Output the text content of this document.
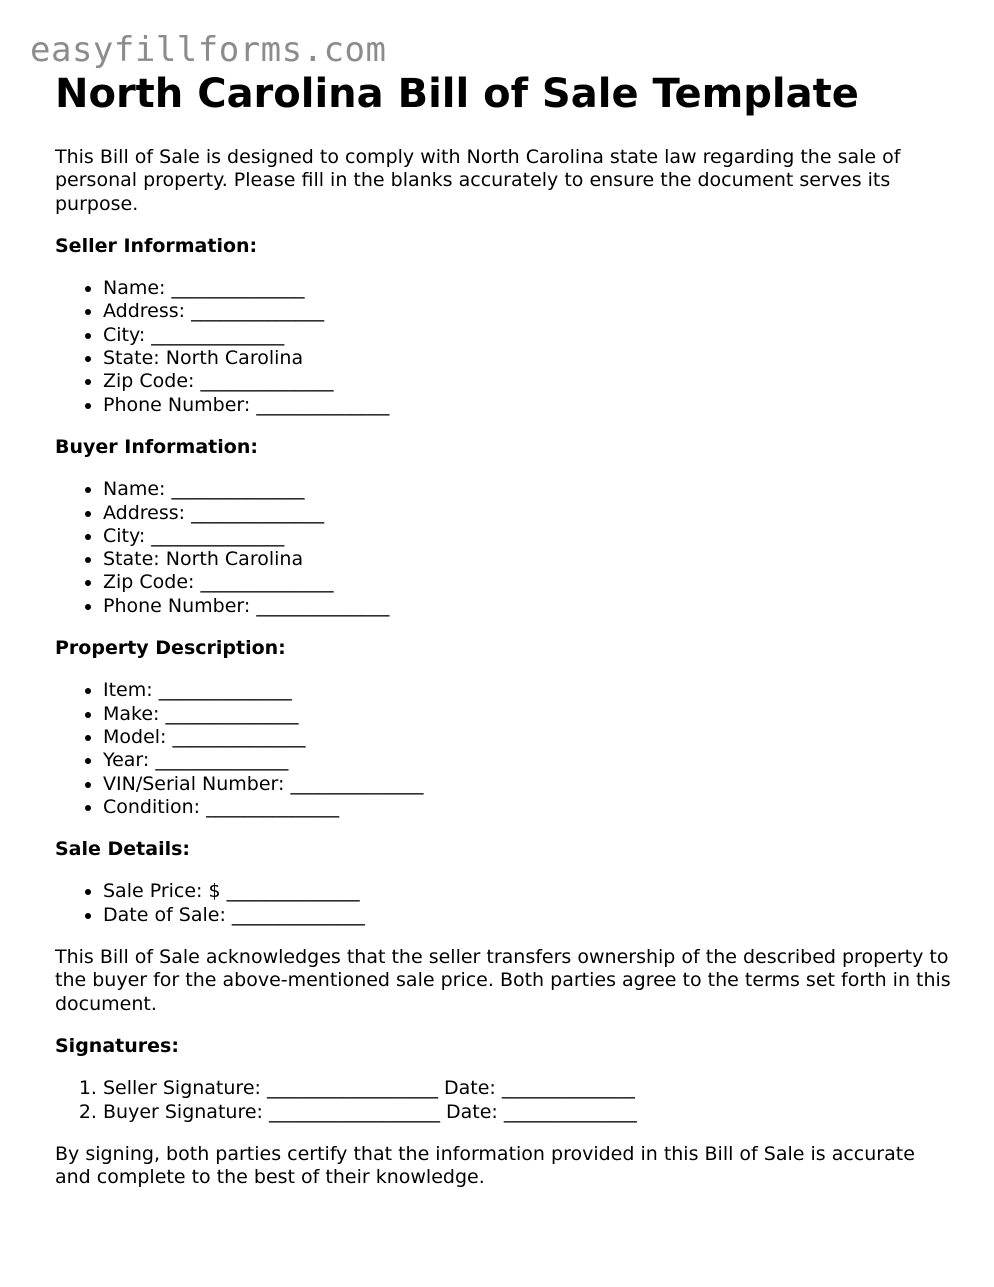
easyfillforms.com
North Carolina Bill of Sale Template

This Bill of Sale is designed to comply with North Carolina state law regarding the sale of personal property. Please fill in the blanks accurately to ensure the document serves its purpose.

Seller Information:
• Name: ______________
• Address: ______________
• City: ______________
• State: North Carolina
• Zip Code: ______________
• Phone Number: ______________
Buyer Information:
• Name: ______________
• Address: ______________
• City: ______________
• State: North Carolina
• Zip Code: ______________
• Phone Number: ______________
Property Description:
• Item: ______________
• Make: ______________
• Model: ______________
• Year: ______________
• VIN/Serial Number: ______________
• Condition: ______________
Sale Details:
• Sale Price: $ ______________
• Date of Sale: ______________

This Bill of Sale acknowledges that the seller transfers ownership of the described property to the buyer for the above-mentioned sale price. Both parties agree to the terms set forth in this document.

Signatures:
1. Seller Signature: __________________ Date: ______________
2. Buyer Signature: __________________ Date: ______________

By signing, both parties certify that the information provided in this Bill of Sale is accurate and complete to the best of their knowledge.
